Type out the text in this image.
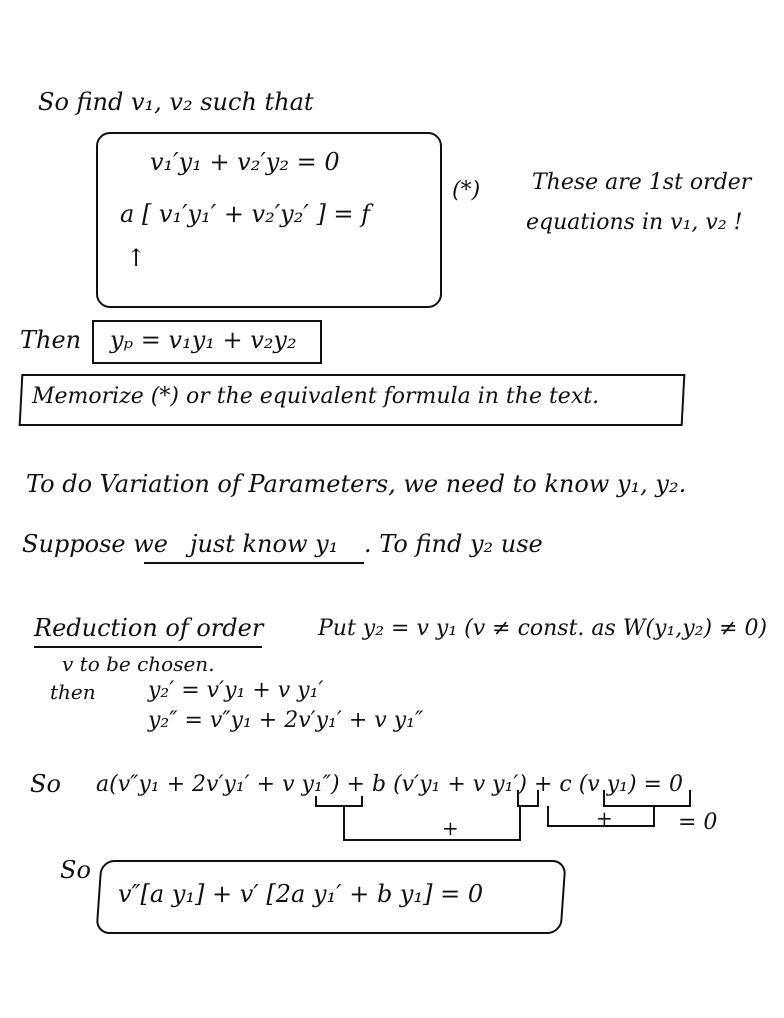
So find v₁, v₂ such that
v₁′y₁ + v₂′y₂ = 0
a [ v₁′y₁′ + v₂′y₂′ ] = f
↑
(*) These are 1st order
equations in v₁, v₂ !
Then yₚ = v₁y₁ + v₂y₂
Memorize (*) or the equivalent formula in the text.
To do Variation of Parameters, we need to know y₁, y₂.
Suppose we just know y₁ . To find y₂ use
Reduction of order Put y₂ = v y₁ (v ≠ const. as W(y₁,y₂) ≠ 0)
v to be chosen.
then y₂′ = v′y₁ + v y₁′
y₂″ = v″y₁ + 2v′y₁′ + v y₁″
So a(v″y₁ + 2v′y₁′ + v y₁″) + b (v′y₁ + v y₁′) + c (v y₁) = 0
+	+	= 0
So
v″[a y₁] + v′ [2a y₁′ + b y₁] = 0
